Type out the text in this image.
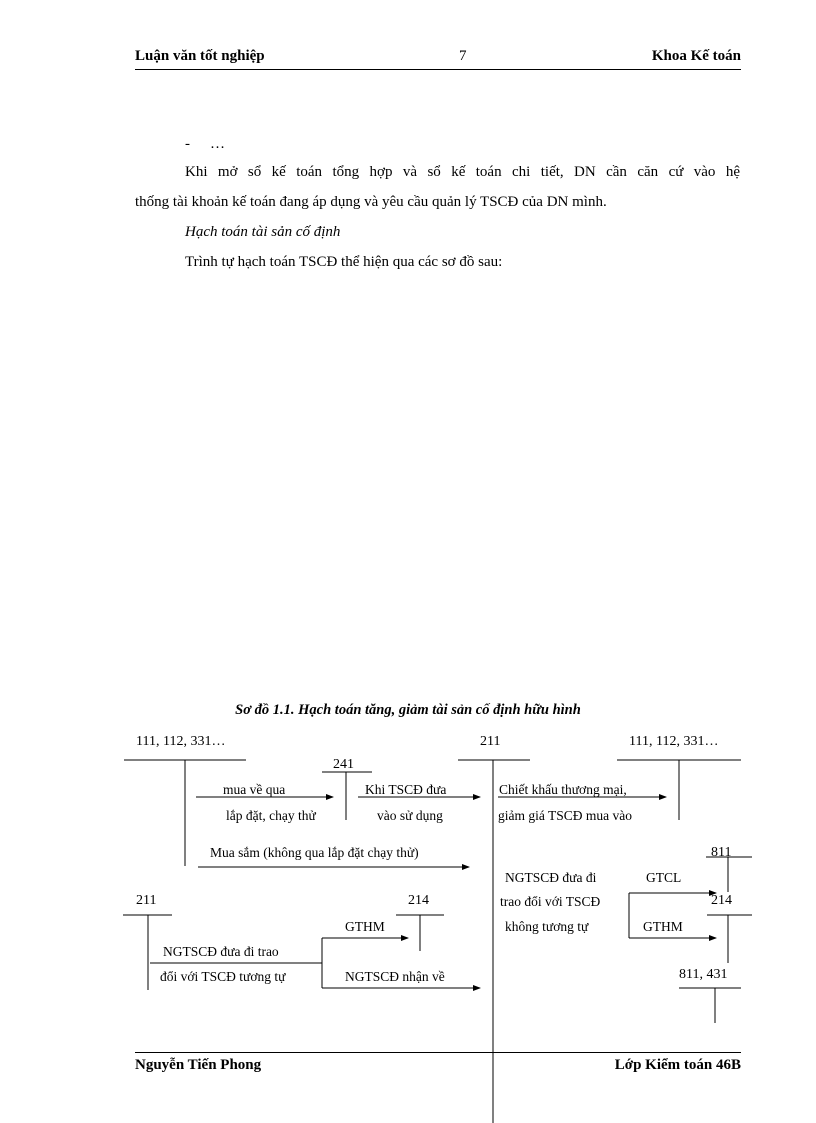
Luận văn tốt nghiệp	7	Khoa Kế toán
- …
Khi mở sổ kế toán tổng hợp và sổ kế toán chi tiết, DN cần căn cứ vào hệ
thống tài khoản kế toán đang áp dụng và yêu cầu quản lý TSCĐ của DN mình.
Hạch toán tài sản cố định
Trình tự hạch toán TSCĐ thể hiện qua các sơ đồ sau:
Sơ đồ 1.1. Hạch toán tăng, giảm tài sản cố định hữu hình
111, 112, 331…	211	111, 112, 331…
241
811
211	214	214
811, 431
mua về qua
lắp đặt, chạy thử
Khi TSCĐ đưa
vào sử dụng
Chiết khấu thương mại,
giảm giá TSCĐ mua vào
Mua sắm (không qua lắp đặt chạy thử)
NGTSCĐ đưa đi
trao đổi với TSCĐ
không tương tự
GTCL
GTHM
GTHM
NGTSCĐ đưa đi trao
đổi với TSCĐ tương tự	NGTSCĐ nhận về
Nguyễn Tiến Phong	Lớp Kiểm toán 46B
